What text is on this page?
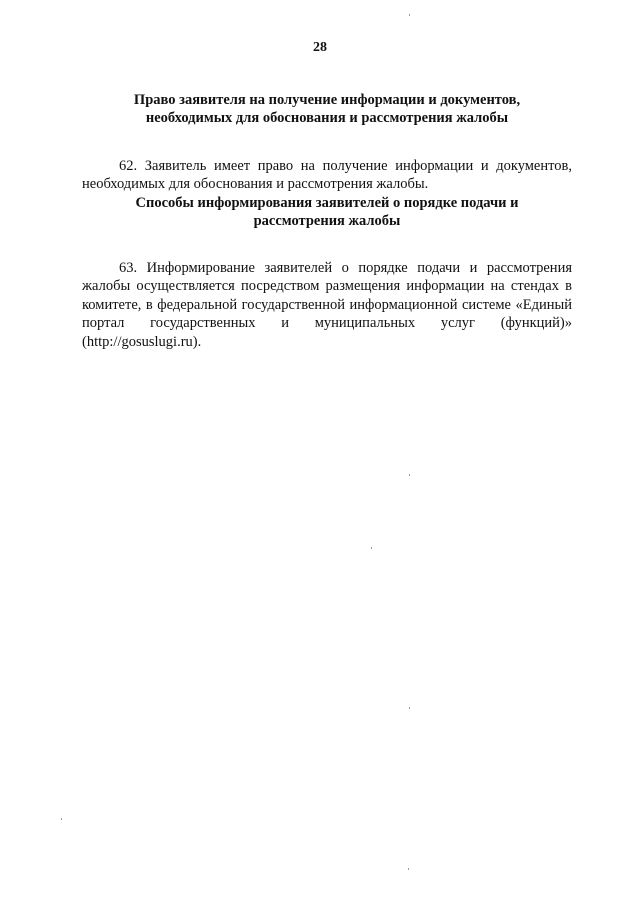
28
Право заявителя на получение информации и документов,
необходимых для обоснования и рассмотрения жалобы

62. Заявитель имеет право на получение информации и документов, необходимых для обоснования и рассмотрения жалобы.

Способы информирования заявителей о порядке подачи и
рассмотрения жалобы

63. Информирование заявителей о порядке подачи и рассмотрения жалобы осуществляется посредством размещения информации на стендах в комитете, в федеральной государственной информационной системе «Единый портал государственных и муниципальных услуг (функций)» (http://gosuslugi.ru).
